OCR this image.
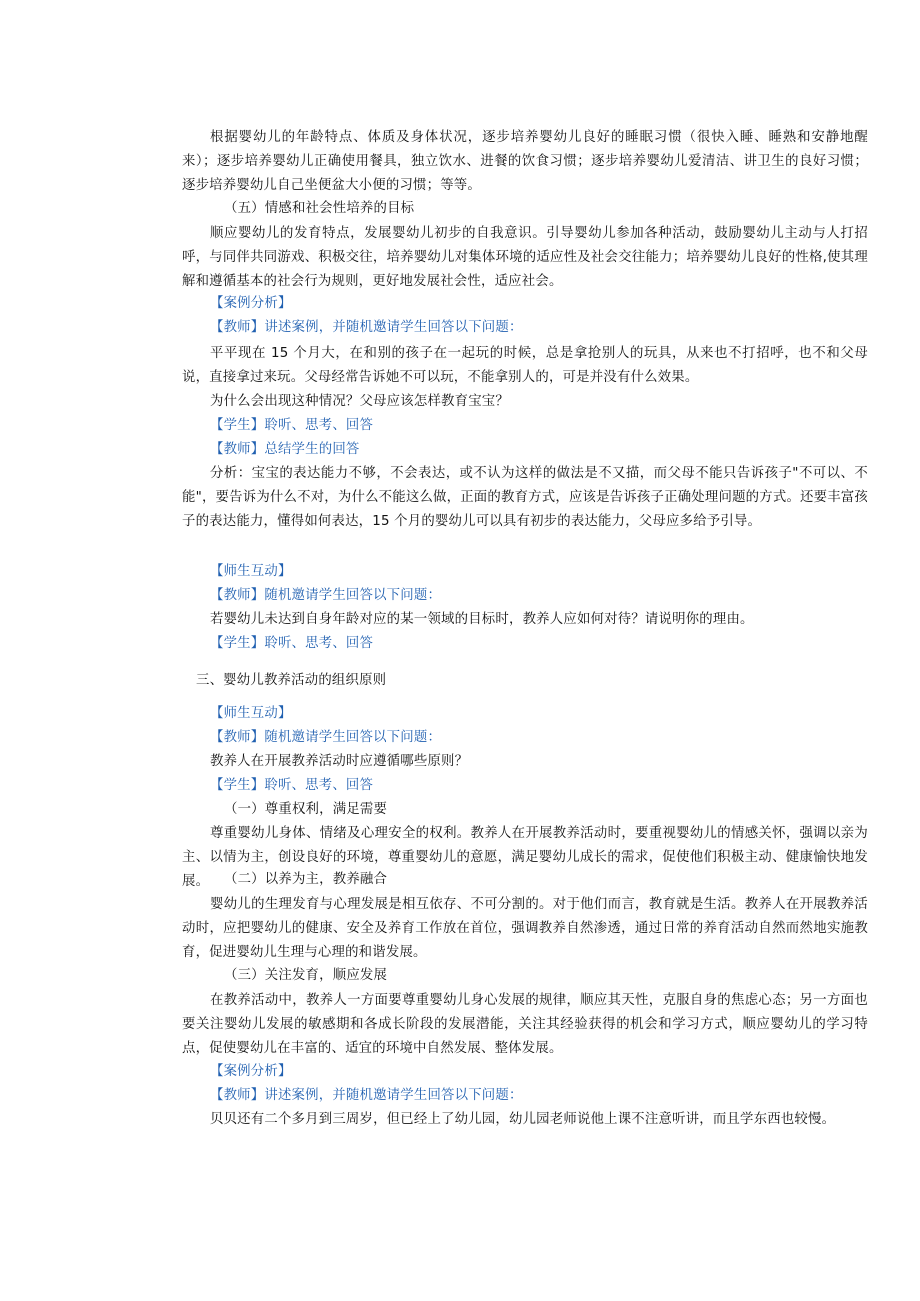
根据婴幼儿的年龄特点、体质及身体状况，逐步培养婴幼儿良好的睡眠习惯（很快入睡、睡熟和安静地醒来）；逐步培养婴幼儿正确使用餐具，独立饮水、进餐的饮食习惯；逐步培养婴幼儿爱清洁、讲卫生的良好习惯；逐步培养婴幼儿自己坐便盆大小便的习惯；等等。
（五）情感和社会性培养的目标
顺应婴幼儿的发育特点，发展婴幼儿初步的自我意识。引导婴幼儿参加各种活动，鼓励婴幼儿主动与人打招呼，与同伴共同游戏、积极交往，培养婴幼儿对集体环境的适应性及社会交往能力；培养婴幼儿良好的性格,使其理解和遵循基本的社会行为规则，更好地发展社会性，适应社会。
【案例分析】
【教师】讲述案例，并随机邀请学生回答以下问题：
平平现在 15 个月大，在和别的孩子在一起玩的时候，总是拿抢别人的玩具，从来也不打招呼，也不和父母说，直接拿过来玩。父母经常告诉她不可以玩，不能拿别人的，可是并没有什么效果。
为什么会出现这种情况？父母应该怎样教育宝宝？
【学生】聆听、思考、回答
【教师】总结学生的回答
分析：宝宝的表达能力不够，不会表达，或不认为这样的做法是不又描，而父母不能只告诉孩子"不可以、不能"，要告诉为什么不对，为什么不能这么做，正面的教育方式，应该是告诉孩子正确处理问题的方式。还要丰富孩子的表达能力，懂得如何表达，15 个月的婴幼儿可以具有初步的表达能力，父母应多给予引导。
【师生互动】
【教师】随机邀请学生回答以下问题：
若婴幼儿未达到自身年龄对应的某一领域的目标时，教养人应如何对待？请说明你的理由。
【学生】聆听、思考、回答
三、婴幼儿教养活动的组织原则
【师生互动】
【教师】随机邀请学生回答以下问题：
教养人在开展教养活动时应遵循哪些原则？
【学生】聆听、思考、回答
（一）尊重权利，满足需要
尊重婴幼儿身体、情绪及心理安全的权利。教养人在开展教养活动时，要重视婴幼儿的情感关怀，强调以亲为主、以情为主，创设良好的环境，尊重婴幼儿的意愿，满足婴幼儿成长的需求，促使他们积极主动、健康愉快地发展。	（二）以养为主，教养融合
婴幼儿的生理发育与心理发展是相互依存、不可分割的。对于他们而言，教育就是生活。教养人在开展教养活动时，应把婴幼儿的健康、安全及养育工作放在首位，强调教养自然渗透，通过日常的养育活动自然而然地实施教育，促进婴幼儿生理与心理的和谐发展。
（三）关注发育，顺应发展
在教养活动中，教养人一方面要尊重婴幼儿身心发展的规律，顺应其天性，克服自身的焦虑心态；另一方面也要关注婴幼儿发展的敏感期和各成长阶段的发展潜能，关注其经验获得的机会和学习方式，顺应婴幼儿的学习特点，促使婴幼儿在丰富的、适宜的环境中自然发展、整体发展。
【案例分析】
【教师】讲述案例，并随机邀请学生回答以下问题：
贝贝还有二个多月到三周岁，但已经上了幼儿园，幼儿园老师说他上课不注意听讲，而且学东西也较慢。
